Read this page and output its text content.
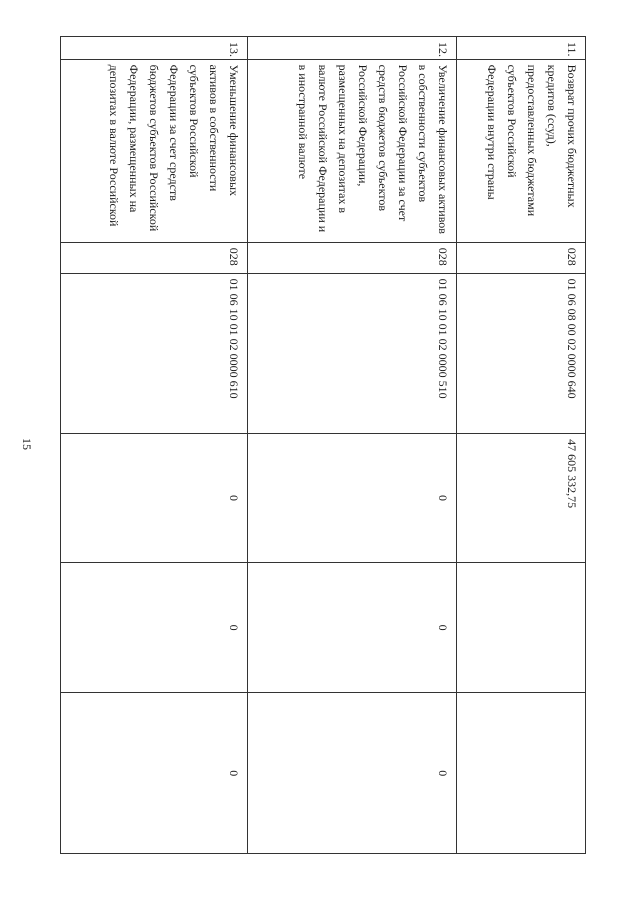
15
11.	Возврат прочих бюджетных кредитов (ссуд), предоставленных бюджетами субъектов Российской Федерации внутри страны	028	01 06 08 00 02 0000 640	47 605 332,75		
12.	Увеличение финансовых активов в собственности субъектов Российской Федерации за счет средств бюджетов субъектов Российской Федерации, размещенных на депозитах в валюте Российской Федерации и в иностранной валюте	028	01 06 10 01 02 0000 510	0	0	0
13.	Уменьшение финансовых активов в собственности субъектов Российской Федерации за счет средств бюджетов субъектов Российской Федерации, размещенных на депозитах в валюте Российской	028	01 06 10 01 02 0000 610	0	0	0
